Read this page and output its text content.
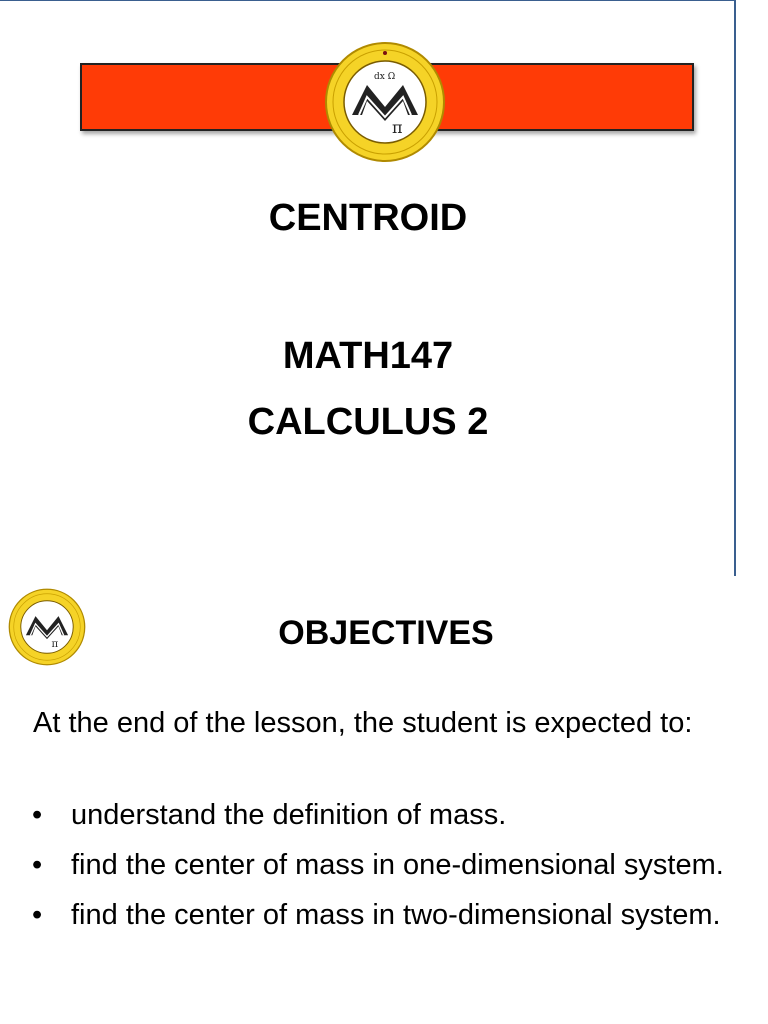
dx Ω
π
CENTROID
MATH147
CALCULUS 2
π	OBJECTIVES
At the end of the lesson, the student is expected to:
• understand the definition of mass.
• find the center of mass in one-dimensional system.
• find the center of mass in two-dimensional system.
